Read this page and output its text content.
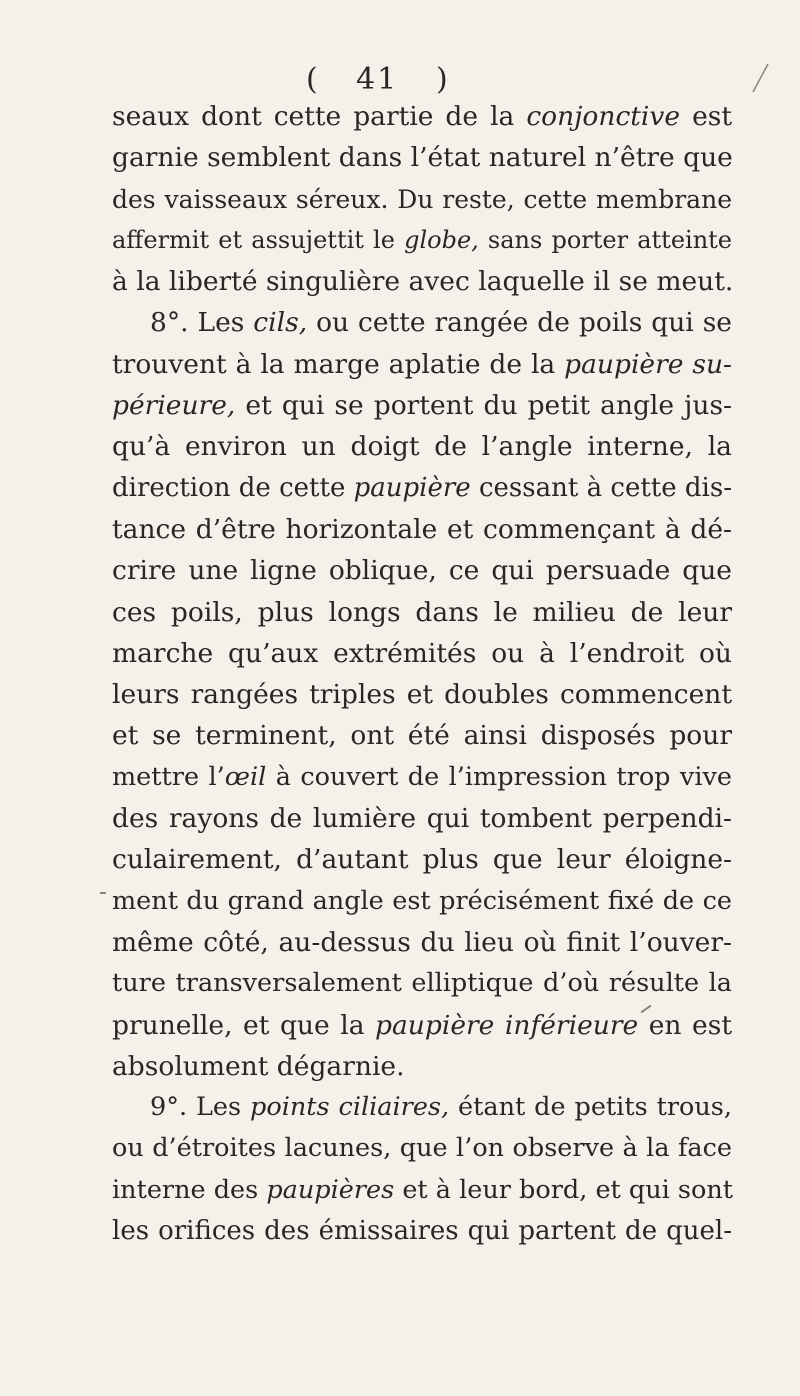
( 41 )
seaux dont cette partie de la conjonctive est
garnie semblent dans l’état naturel n’être que
des vaisseaux séreux. Du reste, cette membrane
affermit et assujettit le globe, sans porter atteinte
à la liberté singulière avec laquelle il se meut.
8°. Les cils, ou cette rangée de poils qui se
trouvent à la marge aplatie de la paupière su-
périeure, et qui se portent du petit angle jus-
qu’à environ un doigt de l’angle interne, la
direction de cette paupière cessant à cette dis-
tance d’être horizontale et commençant à dé-
crire une ligne oblique, ce qui persuade que
ces poils, plus longs dans le milieu de leur
marche qu’aux extrémités ou à l’endroit où
leurs rangées triples et doubles commencent
et se terminent, ont été ainsi disposés pour
mettre l’œil à couvert de l’impression trop vive
des rayons de lumière qui tombent perpendi-
culairement, d’autant plus que leur éloigne-
ment du grand angle est précisément fixé de ce
même côté, au-dessus du lieu où finit l’ouver-
ture transversalement elliptique d’où résulte la
prunelle, et que la paupière inférieure en est
absolument dégarnie.
9°. Les points ciliaires, étant de petits trous,
ou d’étroites lacunes, que l’on observe à la face
interne des paupières et à leur bord, et qui sont
les orifices des émissaires qui partent de quel-
